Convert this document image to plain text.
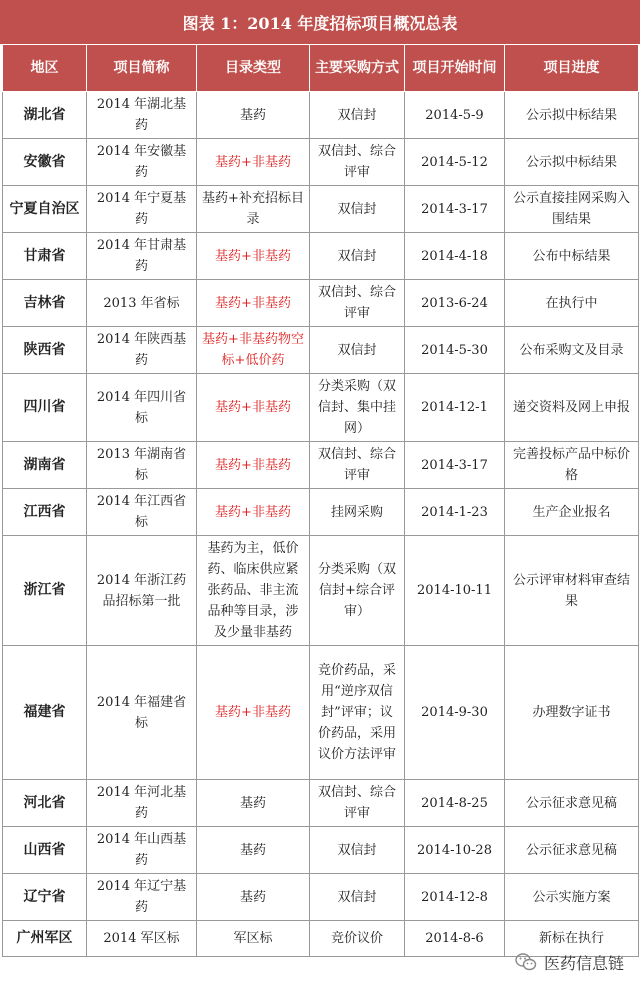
图表 1：2014 年度招标项目概况总表
地区	项目简称	目录类型	主要采购方式	项目开始时间	项目进度
湖北省	2014 年湖北基药	基药	双信封	2014-5-9	公示拟中标结果
安徽省	2014 年安徽基药	基药+非基药	双信封、综合评审	2014-5-12	公示拟中标结果
宁夏自治区	2014 年宁夏基药	基药+补充招标目录	双信封	2014-3-17	公示直接挂网采购入围结果
甘肃省	2014 年甘肃基药	基药+非基药	双信封	2014-4-18	公布中标结果
吉林省	2013 年省标	基药+非基药	双信封、综合评审	2013-6-24	在执行中
陕西省	2014 年陕西基药	基药+非基药物空标+低价药	双信封	2014-5-30	公布采购文及目录
四川省	2014 年四川省标	基药+非基药	分类采购（双信封、集中挂网）	2014-12-1	递交资料及网上申报
湖南省	2013 年湖南省标	基药+非基药	双信封、综合评审	2014-3-17	完善投标产品中标价格
江西省	2014 年江西省标	基药+非基药	挂网采购	2014-1-23	生产企业报名
浙江省	2014 年浙江药品招标第一批	基药为主，低价药、临床供应紧张药品、非主流品种等目录，涉及少量非基药	分类采购（双信封+综合评审）	2014-10-11	公示评审材料审查结果
福建省	2014 年福建省标	基药+非基药	竞价药品，采用“逆序双信封”评审；议价药品，采用议价方法评审	2014-9-30	办理数字证书
河北省	2014 年河北基药	基药	双信封、综合评审	2014-8-25	公示征求意见稿
山西省	2014 年山西基药	基药	双信封	2014-10-28	公示征求意见稿
辽宁省	2014 年辽宁基药	基药	双信封	2014-12-8	公示实施方案
广州军区	2014 军区标	军区标	竞价议价	2014-8-6	新标在执行
医药信息链
